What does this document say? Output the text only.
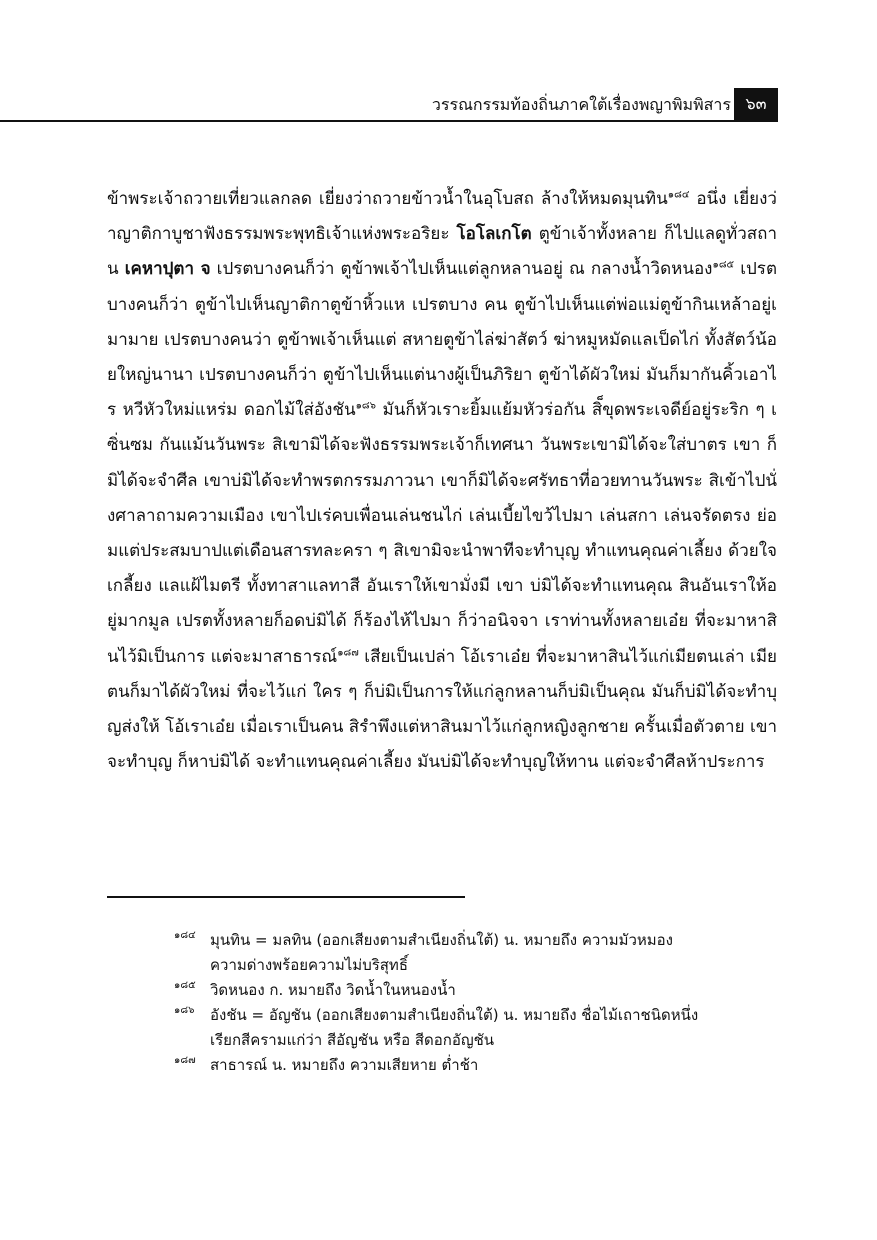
วรรณกรรมท้องถิ่นภาคใต้เรื่องพญาพิมพิสาร ๖๓

ข้าพระเจ้าถวายเที่ยวแลกลด เยี่ยงว่าถวายข้าวน้ำในอุโบสถ ล้างให้หมดมุนทิน$^{๑๘๔}$ อนึ่ง เยี่ยงว่าญาติกาบูชาฟังธรรมพระพุทธิเจ้าแห่งพระอริยะ โอโลเกโต ตูข้าเจ้าทั้งหลาย ก็ไปแลดูทั่วสถาน เคหาปุตา จ เปรตบางคนก็ว่า ตูข้าพเจ้าไปเห็นแต่ลูกหลานอยู่ ณ กลางน้ำวิดหนอง$^{๑๘๕}$ เปรตบางคนก็ว่า ตูข้าไปเห็นญาติกาตูข้าหิ้วแห เปรตบาง คน ตูข้าไปเห็นแต่พ่อแม่ตูข้ากินเหล้าอยู่เมามาย เปรตบางคนว่า ตูข้าพเจ้าเห็นแต่ สหายตูข้าไล่ฆ่าสัตว์ ฆ่าหมูหมัดแลเป็ดไก่ ทั้งสัตว์น้อยใหญ่นานา เปรตบางคนก็ว่า ตูข้าไปเห็นแต่นางผู้เป็นภิริยา ตูข้าได้ผัวใหม่ มันก็มากันคิ้วเอาไร หวีหัวใหม่แหร่ม ดอกไม้ใส่อังชัน$^{๑๘๖}$ มันก็หัวเราะยิ้มแย้มหัวร่อกัน สิ็ขุดพระเจดีย์อยู่ระริก ๆ เซิ่นซม กันแม้นวันพระ สิเขามิได้จะฟังธรรมพระเจ้าก็เทศนา วันพระเขามิได้จะใส่บาตร เขา ก็มิได้จะจำศีล เขาบ่มิได้จะทำพรตกรรมภาวนา เขาก็มิได้จะศรัทธาที่อวยทานวันพระ สิเข้าไปนั่งศาลาถามความเมือง เขาไปเร่คบเพื่อนเล่นชนไก่ เล่นเบี้ยไขว้ไปมา เล่นสกา เล่นจรัดตรง ย่อมแต่ประสมบาปแต่เดือนสารทละครา ๆ สิเขามิจะนำพาทีจะทำบุญ ทำแทนคุณค่าเลี้ยง ด้วยใจเกลี้ยง แลแฝ้ไมตรี ทั้งทาสาแลทาสี อันเราให้เขามั่งมี เขา บ่มิได้จะทำแทนคุณ สินอันเราให้อยู่มากมูล เปรตทั้งหลายก็อดบ่มิได้ ก็ร้องไห้ไปมา ก็ว่าอนิจจา เราท่านทั้งหลายเอ๋ย ที่จะมาหาสินไว้มิเป็นการ แต่จะมาสาธารณ์$^{๑๘๗}$ เสียเป็นเปล่า โอ้เราเอ๋ย ที่จะมาหาสินไว้แก่เมียตนเล่า เมียตนก็มาได้ผัวใหม่ ที่จะไว้แก่ ใคร ๆ ก็บ่มิเป็นการให้แก่ลูกหลานก็บ่มิเป็นคุณ มันก็บ่มิได้จะทำบุญส่งให้ โอ้เราเอ๋ย เมื่อเราเป็นคน สิรำพึงแต่หาสินมาไว้แก่ลูกหญิงลูกชาย ครั้นเมื่อตัวตาย เขาจะทำบุญ ก็หาบ่มิได้ จะทำแทนคุณค่าเลี้ยง มันบ่มิได้จะทำบุญให้ทาน แต่จะจำศีลห้าประการ

๑๘๔ มุนทิน = มลทิน (ออกเสียงตามสำเนียงถิ่นใต้) น. หมายถึง ความมัวหมอง
ความด่างพร้อยความไม่บริสุทธิ์
๑๘๕ วิดหนอง ก. หมายถึง วิดน้ำในหนองน้ำ
๑๘๖ อังชัน = อัญชัน (ออกเสียงตามสำเนียงถิ่นใต้) น. หมายถึง ชื่อไม้เถาชนิดหนึ่ง
เรียกสีครามแก่ว่า สีอัญชัน หรือ สีดอกอัญชัน
๑๘๗ สาธารณ์ น. หมายถึง ความเสียหาย ต่ำช้า
